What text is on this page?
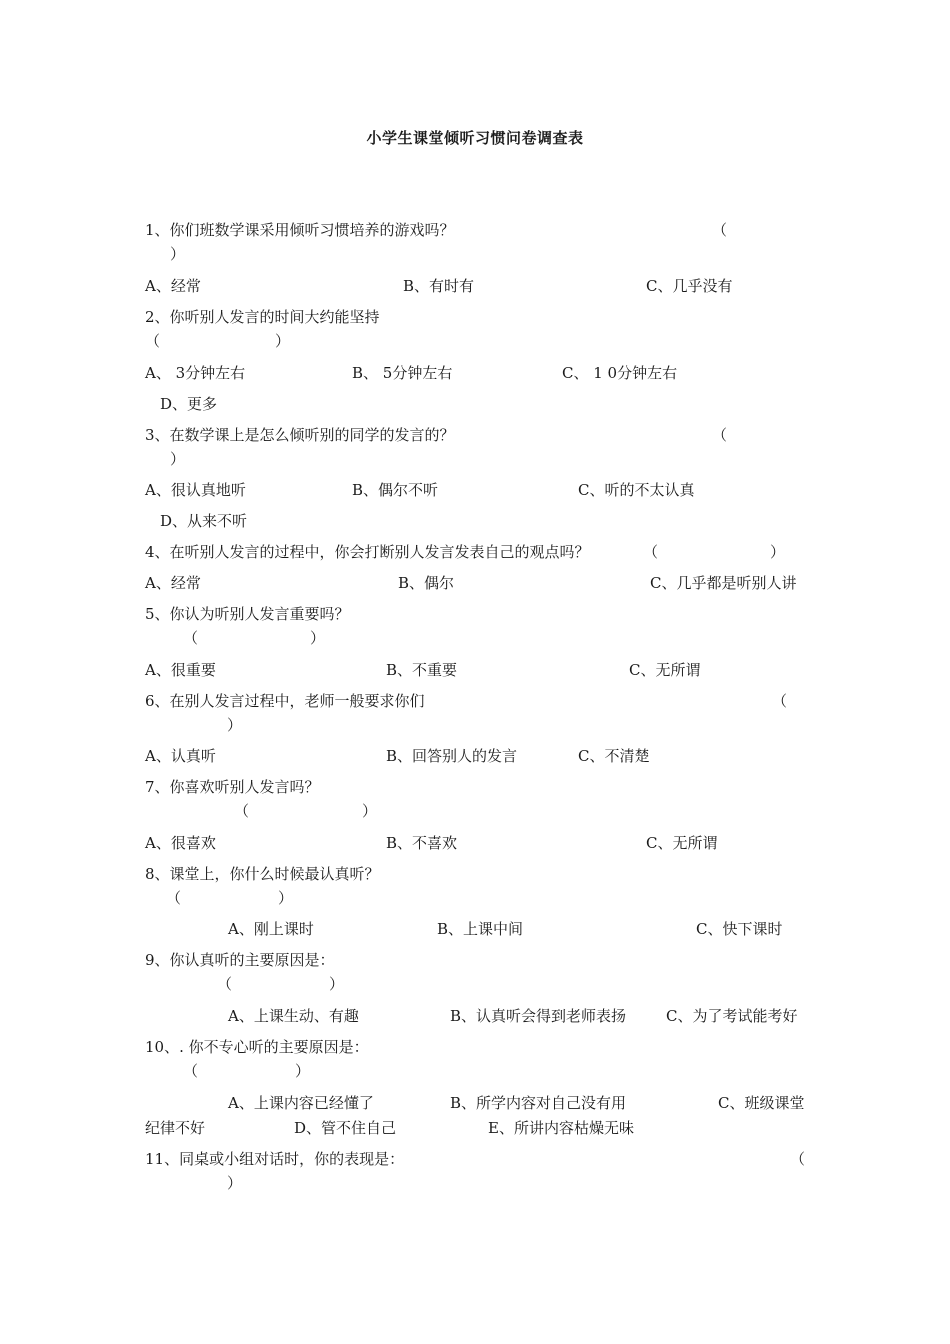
小学生课堂倾听习惯问卷调查表
1、你们班数学课采用倾听习惯培养的游戏吗？	（
）
A、经常	B、有时有	C、几乎没有
2、你听别人发言的时间大约能坚持
（	）
A、 3分钟左右	B、 5分钟左右	C、 1 0分钟左右
D、更多
3、在数学课上是怎么倾听别的同学的发言的？	（
）
A、很认真地听	B、偶尔不听	C、听的不太认真
D、从来不听
4、在听别人发言的过程中，你会打断别人发言发表自己的观点吗？	（	）
A、经常	B、偶尔	C、几乎都是听别人讲
5、你认为听别人发言重要吗？
（	）
A、很重要	B、不重要	C、无所谓
6、在别人发言过程中，老师一般要求你们	（
）
A、认真听	B、回答别人的发言	C、不清楚
7、你喜欢听别人发言吗？
（	）
A、很喜欢	B、不喜欢	C、无所谓
8、课堂上，你什么时候最认真听？
（	）
A、刚上课时	B、上课中间	C、快下课时
9、你认真听的主要原因是：
（	）
A、上课生动、有趣	B、认真听会得到老师表扬	C、为了考试能考好
10、. 你不专心听的主要原因是：
（	）
A、上课内容已经懂了	B、所学内容对自己没有用	C、班级课堂
纪律不好	D、管不住自己	E、所讲内容枯燥无味
11、同桌或小组对话时，你的表现是：	（
）
